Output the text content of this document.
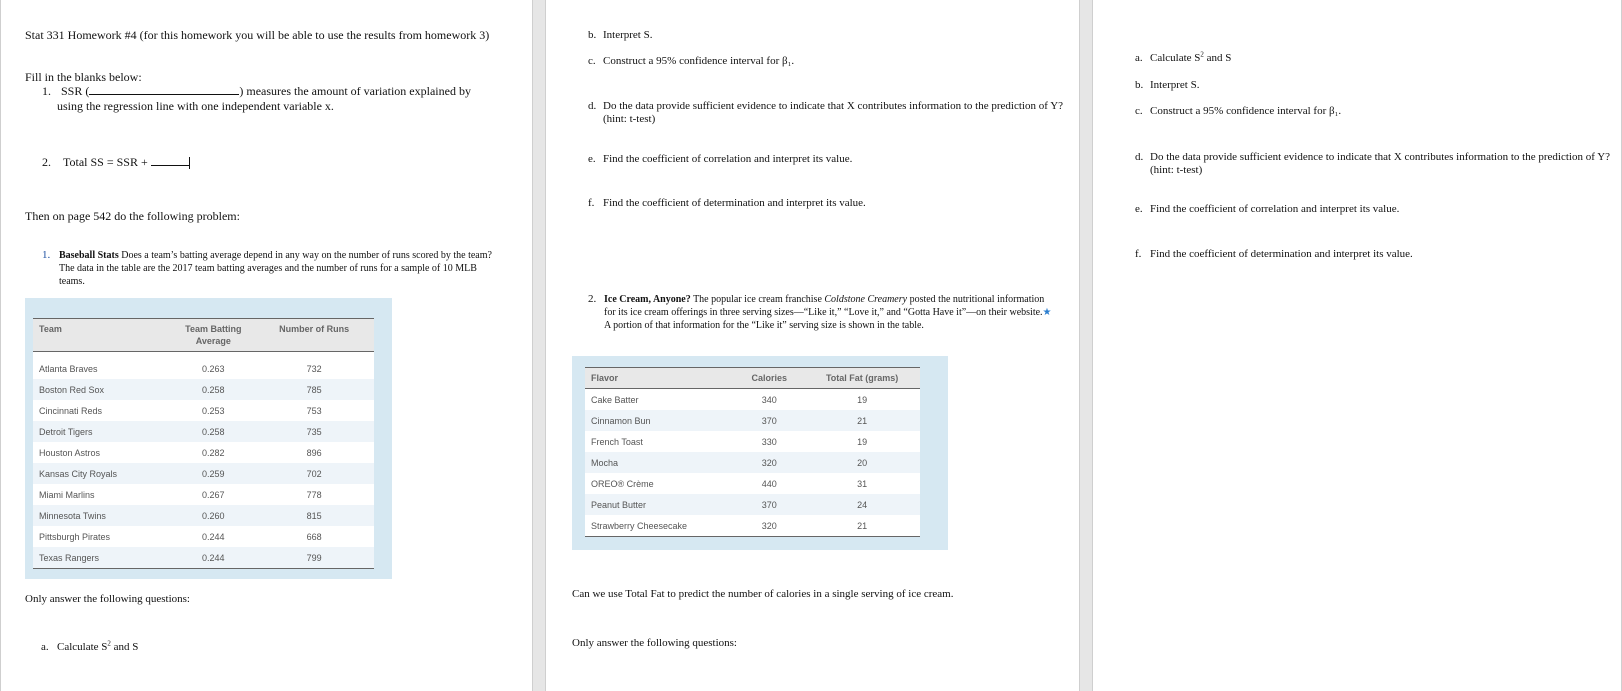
Stat 331 Homework #4 (for this homework you will be able to use the results from homework 3)
Fill in the blanks below:
1. SSR (	) measures the amount of variation explained by
using the regression line with one independent variable x.
2. Total SS = SSR +
Then on page 542 do the following problem:
1. Baseball Stats Does a team’s batting average depend in any way on the number of runs scored by the team? The data in the table are the 2017 team batting averages and the number of runs for a sample of 10 MLB teams.
Team	Team Batting Average	Number of Runs

Atlanta Braves	0.263	732
Boston Red Sox	0.258	785
Cincinnati Reds	0.253	753
Detroit Tigers	0.258	735
Houston Astros	0.282	896
Kansas City Royals	0.259	702
Miami Marlins	0.267	778
Minnesota Twins	0.260	815
Pittsburgh Pirates	0.244	668
Texas Rangers	0.244	799
Only answer the following questions:
a. Calculate $S^2$ and S
b. Interpret S.
c. Construct a 95% confidence interval for β₁.
d. Do the data provide sufficient evidence to indicate that X contributes information to the prediction of Y?
(hint: t-test)
e. Find the coefficient of correlation and interpret its value.
f. Find the coefficient of determination and interpret its value.
2. Ice Cream, Anyone? The popular ice cream franchise Coldstone Creamery posted the nutritional information for its ice cream offerings in three serving sizes—“Like it,” “Love it,” and “Gotta Have it”—on their website.★ A portion of that information for the “Like it” serving size is shown in the table.
Flavor	Calories	Total Fat (grams)
Cake Batter	340	19
Cinnamon Bun	370	21
French Toast	330	19
Mocha	320	20
OREO® Crème	440	31
Peanut Butter	370	24
Strawberry Cheesecake	320	21
Can we use Total Fat to predict the number of calories in a single serving of ice cream.
Only answer the following questions:
a. Calculate $S^2$ and S
b. Interpret S.
c. Construct a 95% confidence interval for β₁.
d. Do the data provide sufficient evidence to indicate that X contributes information to the prediction of Y?
(hint: t-test)
e. Find the coefficient of correlation and interpret its value.
f. Find the coefficient of determination and interpret its value.
